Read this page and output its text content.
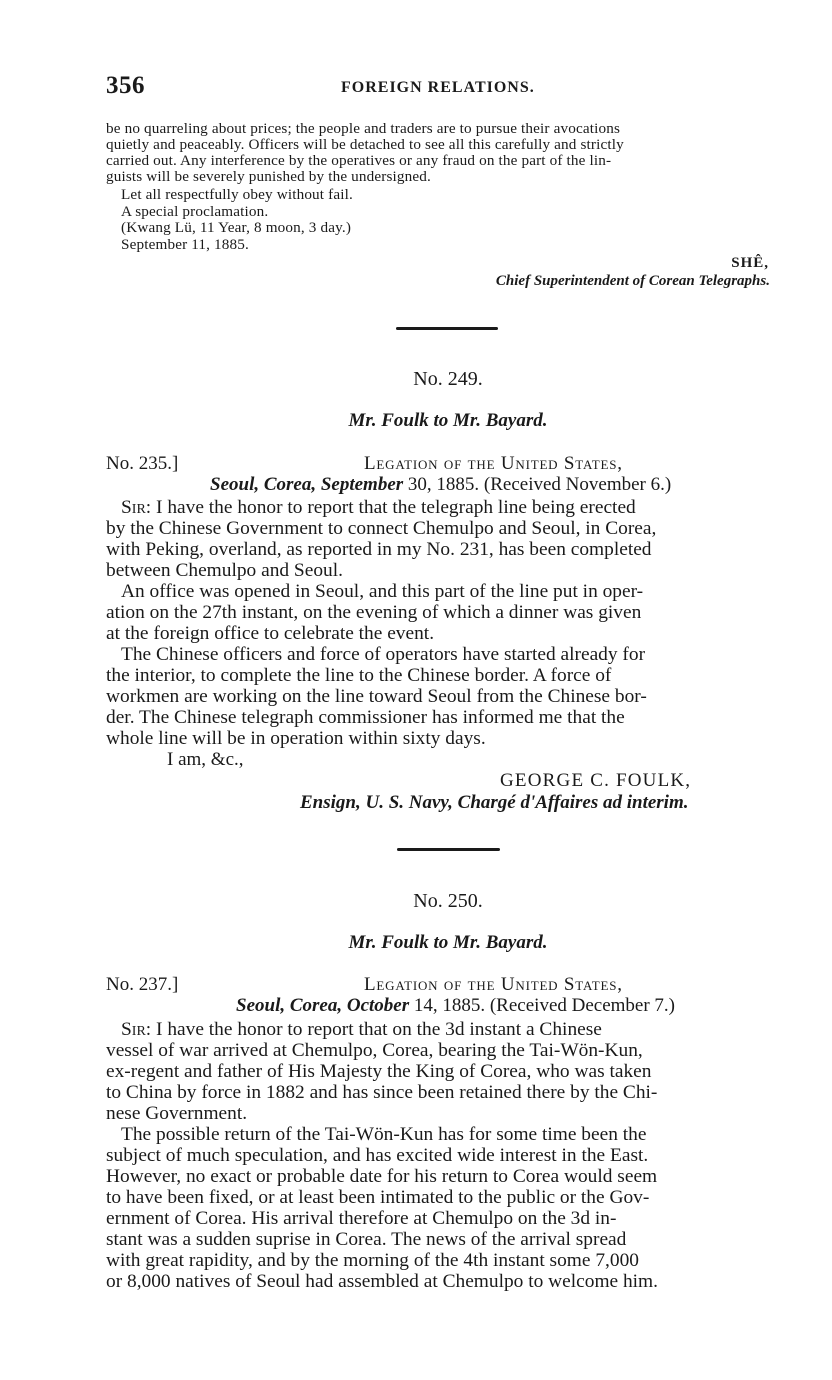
356	FOREIGN RELATIONS.
be no quarreling about prices; the people and traders are to pursue their avocations
quietly and peaceably. Officers will be detached to see all this carefully and strictly
carried out. Any interference by the operatives or any fraud on the part of the lin-
guists will be severely punished by the undersigned.
Let all respectfully obey without fail.
A special proclamation.
(Kwang Lü, 11 Year, 8 moon, 3 day.)
September 11, 1885.
SHÊ,
Chief Superintendent of Corean Telegraphs.
No. 249.
Mr. Foulk to Mr. Bayard.
No. 235.]	Legation of the United States,
Seoul, Corea, September 30, 1885. (Received November 6.)
Sir: I have the honor to report that the telegraph line being erected
by the Chinese Government to connect Chemulpo and Seoul, in Corea,
with Peking, overland, as reported in my No. 231, has been completed
between Chemulpo and Seoul.
An office was opened in Seoul, and this part of the line put in oper-
ation on the 27th instant, on the evening of which a dinner was given
at the foreign office to celebrate the event.
The Chinese officers and force of operators have started already for
the interior, to complete the line to the Chinese border. A force of
workmen are working on the line toward Seoul from the Chinese bor-
der. The Chinese telegraph commissioner has informed me that the
whole line will be in operation within sixty days.
I am, &c.,
GEORGE C. FOULK,
Ensign, U. S. Navy, Chargé d'Affaires ad interim.
No. 250.
Mr. Foulk to Mr. Bayard.
No. 237.]	Legation of the United States,
Seoul, Corea, October 14, 1885. (Received December 7.)
Sir: I have the honor to report that on the 3d instant a Chinese
vessel of war arrived at Chemulpo, Corea, bearing the Tai-Wön-Kun,
ex-regent and father of His Majesty the King of Corea, who was taken
to China by force in 1882 and has since been retained there by the Chi-
nese Government.
The possible return of the Tai-Wön-Kun has for some time been the
subject of much speculation, and has excited wide interest in the East.
However, no exact or probable date for his return to Corea would seem
to have been fixed, or at least been intimated to the public or the Gov-
ernment of Corea. His arrival therefore at Chemulpo on the 3d in-
stant was a sudden suprise in Corea. The news of the arrival spread
with great rapidity, and by the morning of the 4th instant some 7,000
or 8,000 natives of Seoul had assembled at Chemulpo to welcome him.
